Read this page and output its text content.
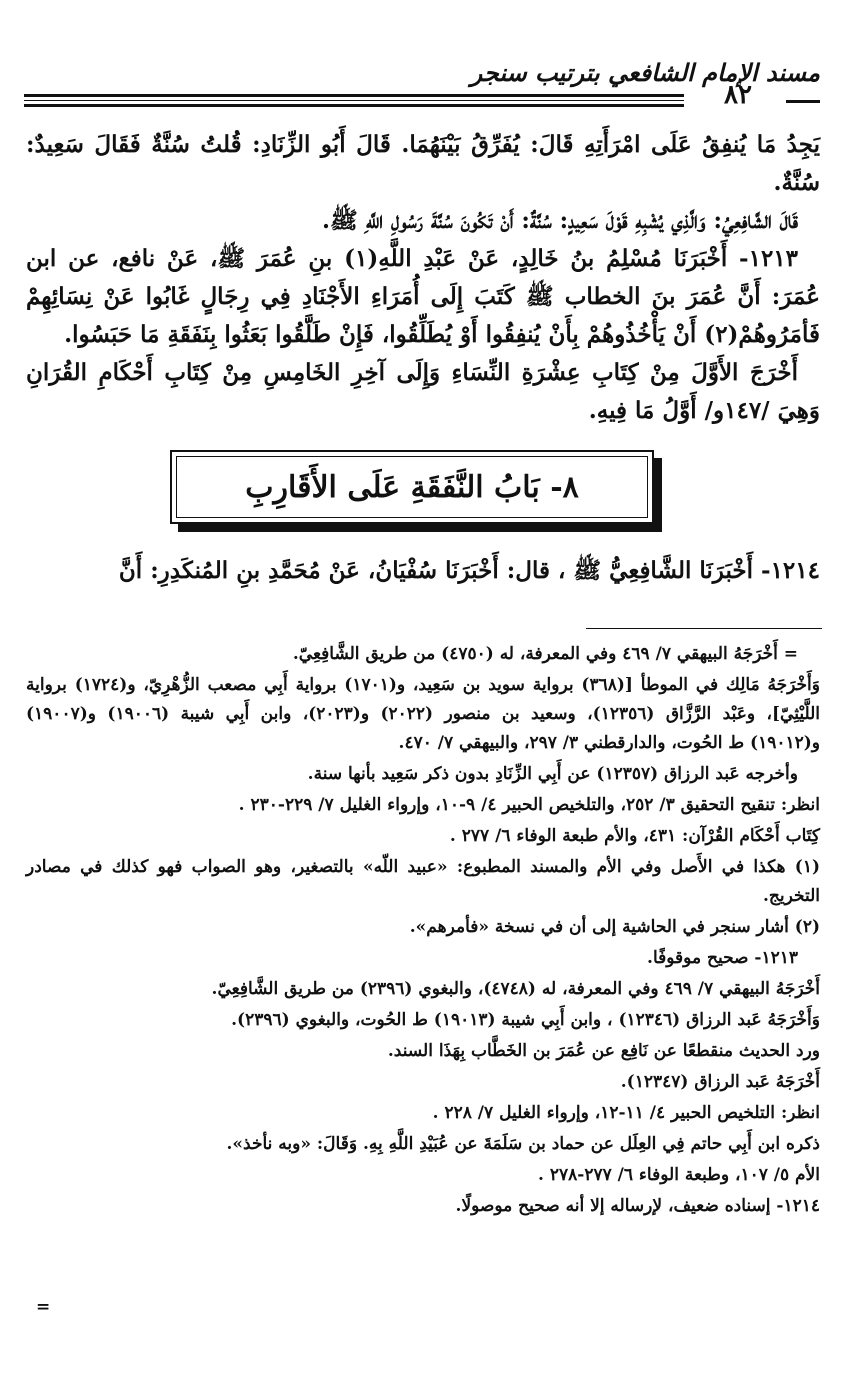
مسند الإمام الشافعي بترتيب سنجر
٨٢

يَجِدُ مَا يُنفِقُ عَلَى امْرَأَتِهِ قَالَ: يُفَرِّقُ بَيْنَهُمَا. قَالَ أَبُو الزِّنَادِ: قُلتُ سُنَّةٌ فَقَالَ سَعِيدٌ: سُنَّةٌ.

قَالَ الشَّافِعِيُ: وَالَّذِي يُشْبِهِ قَوْلَ سَعِيدٍ: سُنَّةٌ: أَنْ تَكُونَ سُنَّةَ رَسُولِ اللَّهِ ﷺ.

١٢١٣- أَخْبَرَنَا مُسْلِمُ بنُ خَالِدٍ، عَنْ عَبْدِ اللَّهِ(١) بنِ عُمَرَ ﷺ، عَنْ نافع، عن ابن عُمَرَ: أَنَّ عُمَرَ بنَ الخطاب ﷺ كَتَبَ إِلَى أُمَرَاءِ الأَجْنَادِ فِي رِجَالٍ غَابُوا عَنْ نِسَائِهِمْ فَأمَرُوهُمْ(٢) أَنْ يَأْخُذُوهُمْ بِأَنْ يُنفِقُوا أَوْ يُطَلِّقُوا، فَإِنْ طَلَّقُوا بَعَثُوا بِنَفَقَةِ مَا حَبَسُوا.

أَخْرَجَ الأَوَّلَ مِنْ كِتَابِ عِشْرَةِ النِّسَاءِ وَإِلَى آخِرِ الخَامِسِ مِنْ كِتَابِ أَحْكَامِ القُرَانِ وَهِيَ /١٤٧و/ أَوَّلُ مَا فِيهِ.

٨- بَابُ النَّفَقَةِ عَلَى الأَقَارِبِ
١٢١٤- أَخْبَرَنَا الشَّافِعِيُّ ﷺ ، قال: أَخْبَرَنَا سُفْيَانُ، عَنْ مُحَمَّدِ بنِ المُنكَدِرِ: أَنَّ

= أَخْرَجَهُ البيهقي ٧/ ٤٦٩ وفي المعرفة، له (٤٧٥٠) من طريق الشَّافِعِيّ.

وَأَخْرَجَهُ مَالِك في الموطأ [(٣٦٨) برواية سويد بن سَعِيد، و(١٧٠١) برواية أَبِي مصعب الزُّهْرِيّ، و(١٧٢٤) برواية اللَّيْثِيّ]، وعَبْد الرَّزَّاق (١٢٣٥٦)، وسعيد بن منصور (٢٠٢٢) و(٢٠٢٣)، وابن أَبِي شيبة (١٩٠٠٦) و(١٩٠٠٧) و(١٩٠١٢) ط الحُوت، والدارقطني ٣/ ٢٩٧، والبيهقي ٧/ ٤٧٠.

وأخرجه عَبد الرزاق (١٢٣٥٧) عن أَبِي الزِّنَادِ بدون ذكر سَعِيد بأنها سنة.

انظر: تنقيح التحقيق ٣/ ٢٥٢، والتلخيص الحبير ٤/ ٩-١٠، وإرواء الغليل ٧/ ٢٢٩-٢٣٠ .

كِتَاب أَحْكَام القُرْآن: ٤٣١، والأم طبعة الوفاء ٦/ ٢٧٧ .

(١) هكذا في الأَصل وفي الأم والمسند المطبوع: «عبيد اللّه» بالتصغير، وهو الصواب فهو كذلك في مصادر التخريج.

(٢) أشار سنجر في الحاشية إلى أن في نسخة «فأمرهم».

١٢١٣- صحيح موقوفًا.

أَخْرَجَهُ البيهقي ٧/ ٤٦٩ وفي المعرفة، له (٤٧٤٨)، والبغوي (٢٣٩٦) من طريق الشَّافِعِيّ.

وَأَخْرَجَهُ عَبد الرزاق (١٢٣٤٦) ، وابن أَبِي شيبة (١٩٠١٣) ط الحُوت، والبغوي (٢٣٩٦).

ورد الحديث منقطعًا عن نَافِع عن عُمَرَ بن الخَطَّاب بِهَذَا السند.

أَخْرَجَهُ عَبد الرزاق (١٢٣٤٧).

انظر: التلخيص الحبير ٤/ ١١-١٢، وإرواء الغليل ٧/ ٢٢٨ .

ذكره ابن أَبِي حاتم فِي العِلَل عن حماد بن سَلَمَةَ عن عُبَيْدِ اللَّهِ بِهِ. وَقَالَ: «وبه نأخذ».

الأم ٥/ ١٠٧، وطبعة الوفاء ٦/ ٢٧٧-٢٧٨ .

١٢١٤- إسناده ضعيف، لإرساله إلا أنه صحيح موصولًا.

=
